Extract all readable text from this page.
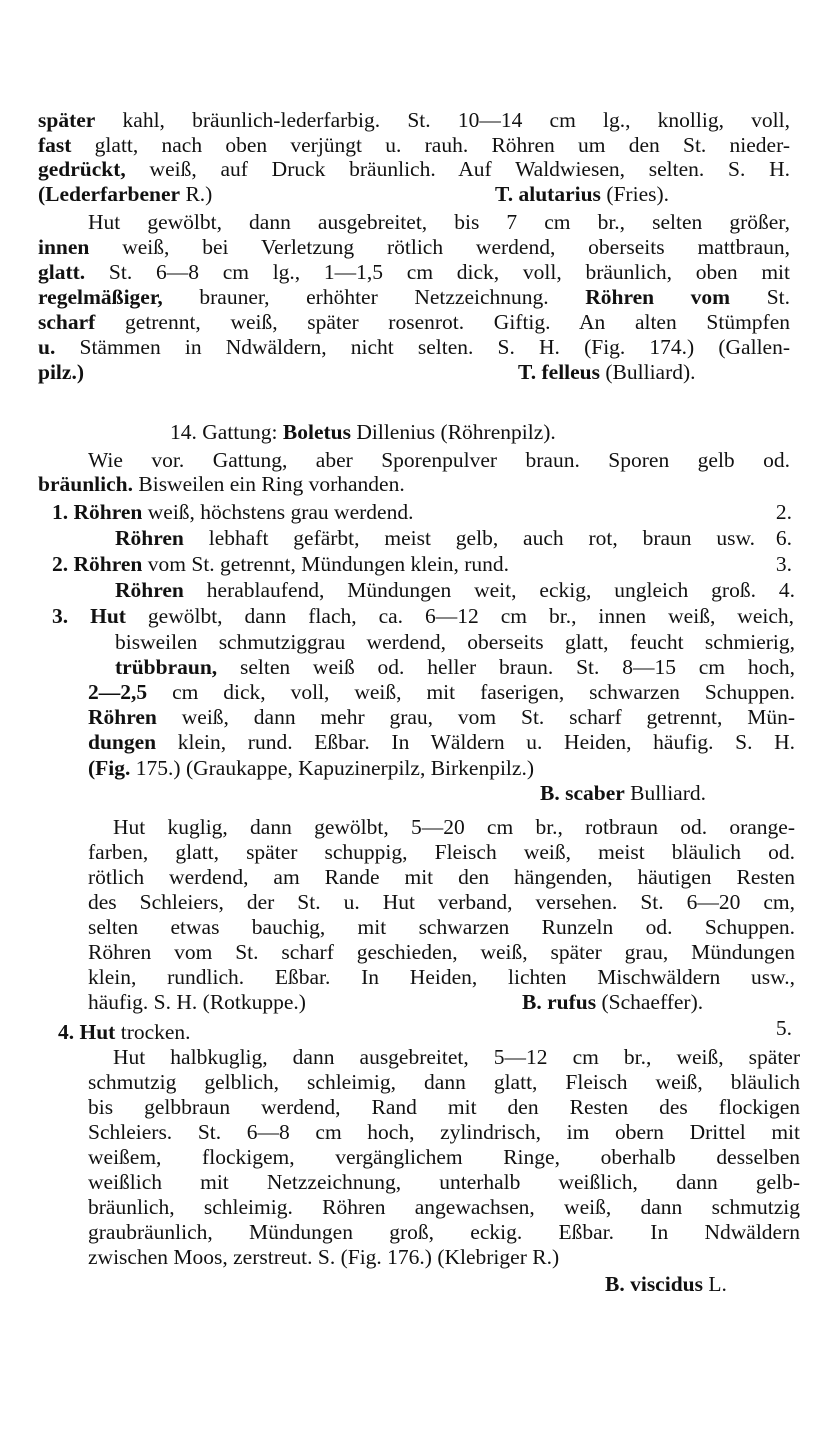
später kahl, bräunlich-lederfarbig. St. 10—14 cm lg., knollig, voll,
fast glatt, nach oben verjüngt u. rauh. Röhren um den St. nieder-
gedrückt, weiß, auf Druck bräunlich. Auf Waldwiesen, selten. S. H.
(Lederfarbener R.)	T. alutarius (Fries).
Hut gewölbt, dann ausgebreitet, bis 7 cm br., selten größer,
innen weiß, bei Verletzung rötlich werdend, oberseits mattbraun,
glatt. St. 6—8 cm lg., 1—1,5 cm dick, voll, bräunlich, oben mit
regelmäßiger, brauner, erhöhter Netzzeichnung. Röhren vom St.
scharf getrennt, weiß, später rosenrot. Giftig. An alten Stümpfen
u. Stämmen in Ndwäldern, nicht selten. S. H. (Fig. 174.) (Gallen-
pilz.)	T. felleus (Bulliard).
14. Gattung: Boletus Dillenius (Röhrenpilz).
Wie vor. Gattung, aber Sporenpulver braun. Sporen gelb od.
bräunlich. Bisweilen ein Ring vorhanden.
1. Röhren weiß, höchstens grau werdend.	2.
Röhren lebhaft gefärbt, meist gelb, auch rot, braun usw. 6.
2. Röhren vom St. getrennt, Mündungen klein, rund.	3.
Röhren herablaufend, Mündungen weit, eckig, ungleich groß. 4.
3. Hut gewölbt, dann flach, ca. 6—12 cm br., innen weiß, weich,
bisweilen schmutziggrau werdend, oberseits glatt, feucht schmierig,
trübbraun, selten weiß od. heller braun. St. 8—15 cm hoch,
2—2,5 cm dick, voll, weiß, mit faserigen, schwarzen Schuppen.
Röhren weiß, dann mehr grau, vom St. scharf getrennt, Mün-
dungen klein, rund. Eßbar. In Wäldern u. Heiden, häufig. S. H.
(Fig. 175.) (Graukappe, Kapuzinerpilz, Birkenpilz.)
B. scaber Bulliard.
Hut kuglig, dann gewölbt, 5—20 cm br., rotbraun od. orange-
farben, glatt, später schuppig, Fleisch weiß, meist bläulich od.
rötlich werdend, am Rande mit den hängenden, häutigen Resten
des Schleiers, der St. u. Hut verband, versehen. St. 6—20 cm,
selten etwas bauchig, mit schwarzen Runzeln od. Schuppen.
Röhren vom St. scharf geschieden, weiß, später grau, Mündungen
klein, rundlich. Eßbar. In Heiden, lichten Mischwäldern usw.,
häufig. S. H. (Rotkuppe.)	B. rufus (Schaeffer).
4. Hut trocken.	5.
Hut halbkuglig, dann ausgebreitet, 5—12 cm br., weiß, später
schmutzig gelblich, schleimig, dann glatt, Fleisch weiß, bläulich
bis gelbbraun werdend, Rand mit den Resten des flockigen
Schleiers. St. 6—8 cm hoch, zylindrisch, im obern Drittel mit
weißem, flockigem, vergänglichem Ringe, oberhalb desselben
weißlich mit Netzzeichnung, unterhalb weißlich, dann gelb-
bräunlich, schleimig. Röhren angewachsen, weiß, dann schmutzig
graubräunlich, Mündungen groß, eckig. Eßbar. In Ndwäldern
zwischen Moos, zerstreut. S. (Fig. 176.) (Klebriger R.)
B. viscidus L.
